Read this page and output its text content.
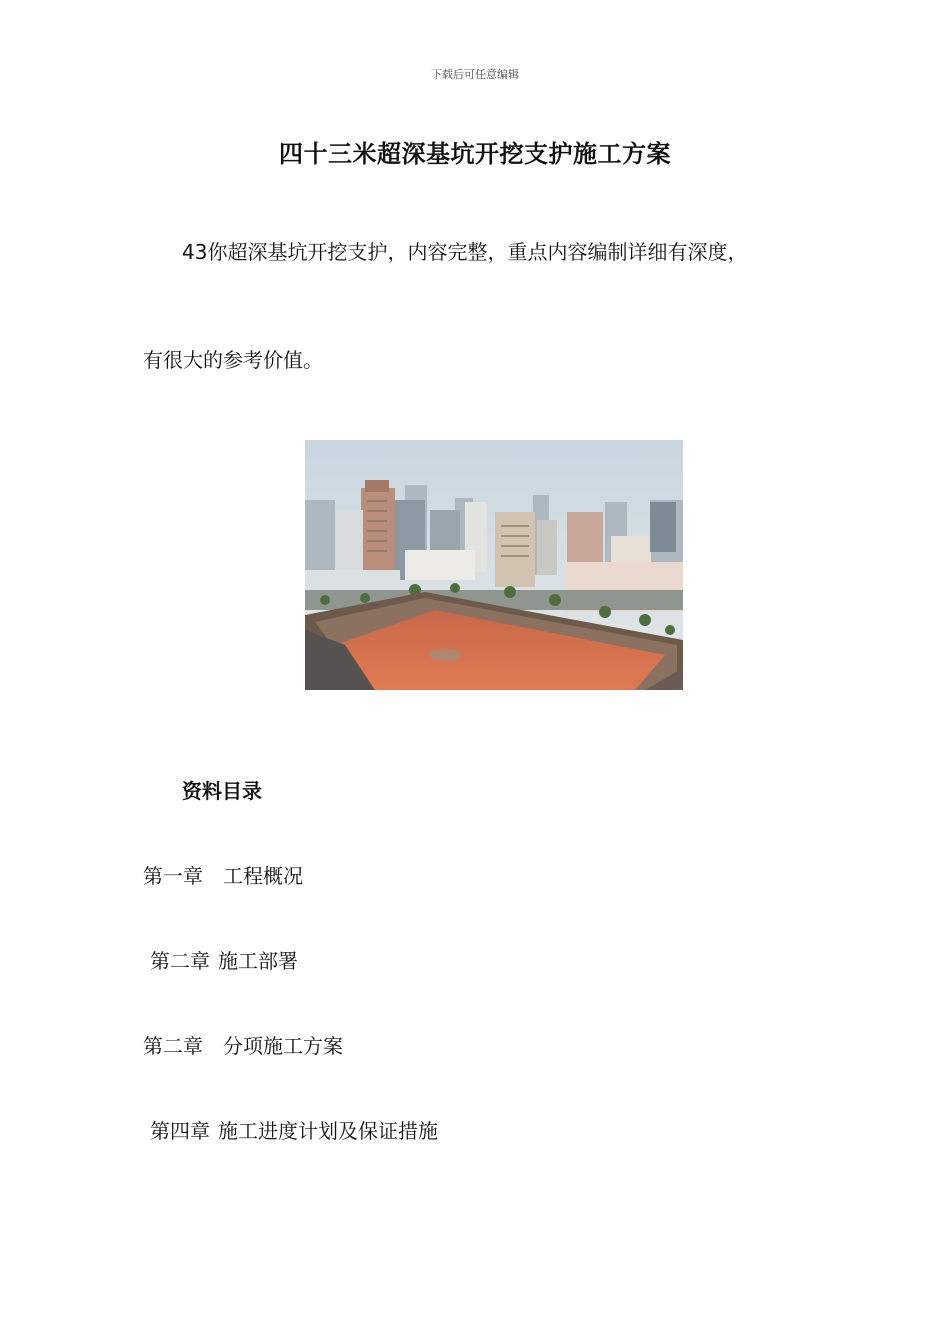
下载后可任意编辑
四十三米超深基坑开挖支护施工方案

43你超深基坑开挖支护，内容完整，重点内容编制详细有深度，

有很大的参考价值。

资料目录

第一章 工程概况

第二章 施工部署

第二章 分项施工方案

第四章 施工进度计划及保证措施
